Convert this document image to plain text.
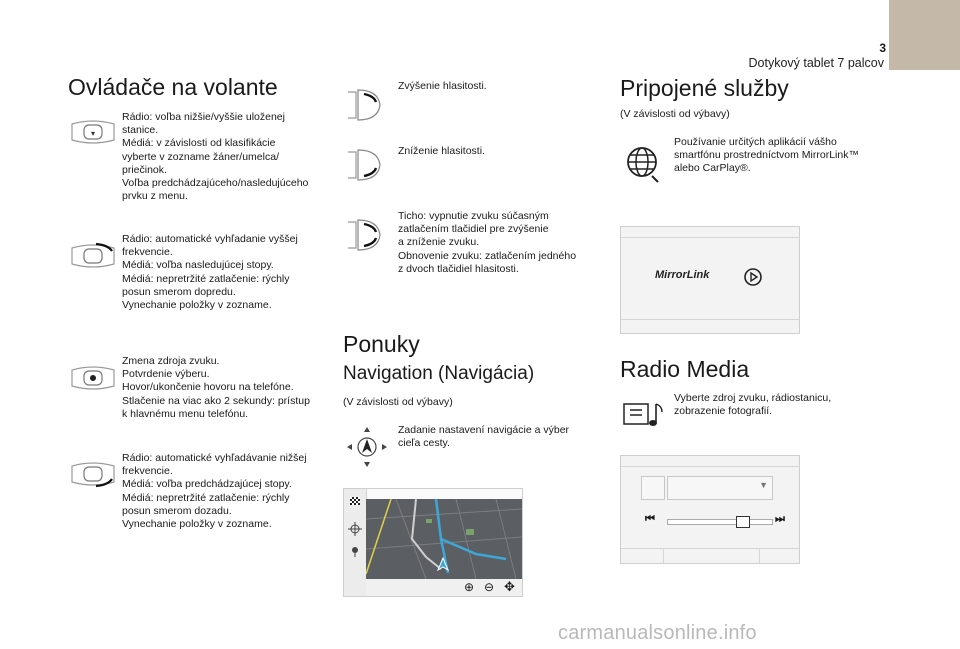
3
Dotykový tablet 7 palcov
Ovládače na volante
▾
Rádio: voľba nižšie/vyššie uloženej
stanice.
Médiá: v závislosti od klasifikácie
vyberte v zozname žáner/umelca/
priečinok.
Voľba predchádzajúceho/nasledujúceho
prvku z menu.
Rádio: automatické vyhľadanie vyššej
frekvencie.
Médiá: voľba nasledujúcej stopy.
Médiá: nepretržité zatlačenie: rýchly
posun smerom dopredu.
Vynechanie položky v zozname.
Zmena zdroja zvuku.
Potvrdenie výberu.
Hovor/ukončenie hovoru na telefóne.
Stlačenie na viac ako 2 sekundy: prístup
k hlavnému menu telefónu.
Rádio: automatické vyhľadávanie nižšej
frekvencie.
Médiá: voľba predchádzajúcej stopy.
Médiá: nepretržité zatlačenie: rýchly
posun smerom dozadu.
Vynechanie položky v zozname.
Zvýšenie hlasitosti.
Zníženie hlasitosti.
Ticho: vypnutie zvuku súčasným
zatlačením tlačidiel pre zvýšenie
a zníženie zvuku.
Obnovenie zvuku: zatlačením jedného
z dvoch tlačidiel hlasitosti.
Ponuky
Navigation (Navigácia)
(V závislosti od výbavy)
Zadanie nastavení navigácie a výber
cieľa cesty.
⊕ ⊖ ✥
Pripojené služby
(V závislosti od výbavy)
Používanie určitých aplikácií vášho
smartfónu prostredníctvom MirrorLink™
alebo CarPlay®.
MirrorLink
Radio Media
Vyberte zdroj zvuku, rádiostanicu,
zobrazenie fotografií.
▼
⏮	⏭
carmanualsonline.info
